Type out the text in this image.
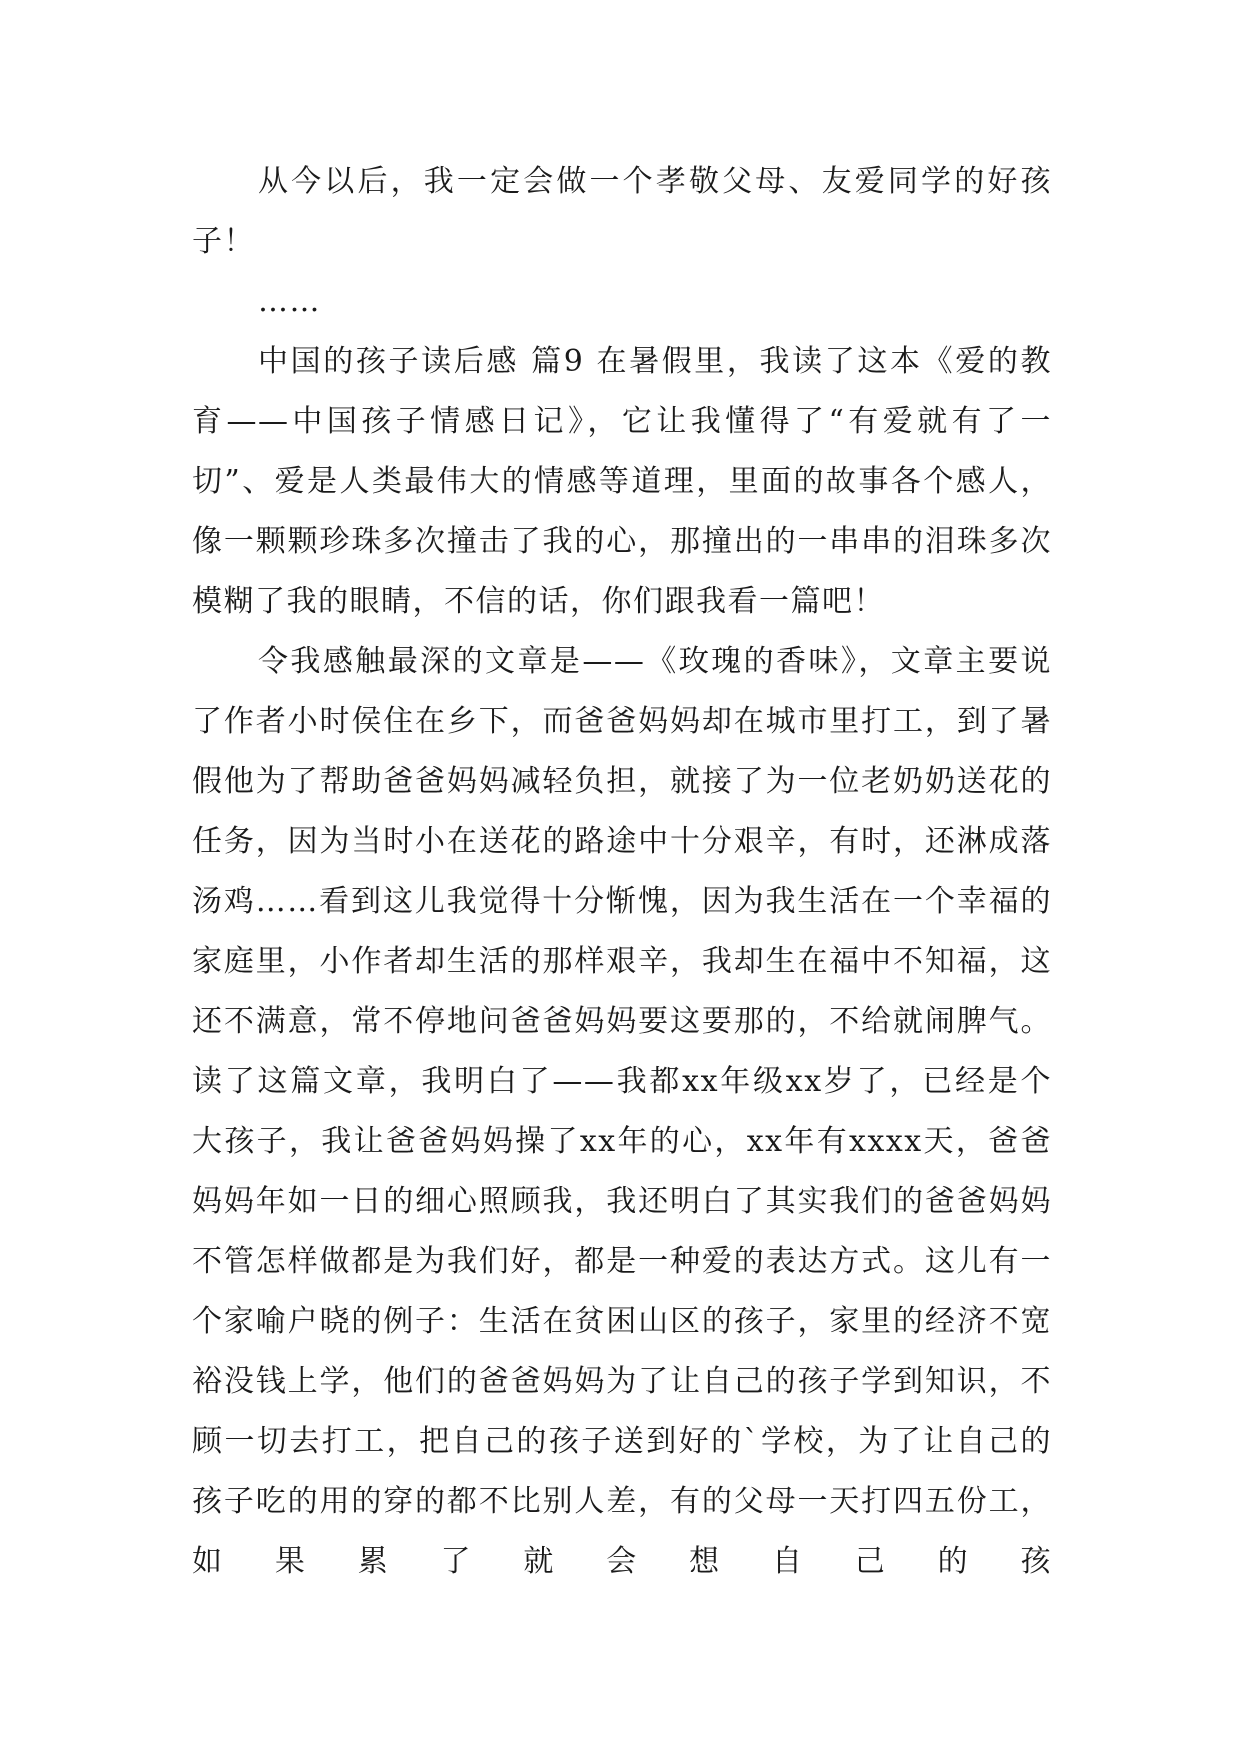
从今以后，我一定会做一个孝敬父母、友爱同学的好孩子！

……

中国的孩子读后感 篇9 在暑假里，我读了这本《爱的教育——中国孩子情感日记》，它让我懂得了“有爱就有了一切”、爱是人类最伟大的情感等道理，里面的故事各个感人，像一颗颗珍珠多次撞击了我的心，那撞出的一串串的泪珠多次模糊了我的眼睛，不信的话，你们跟我看一篇吧！

令我感触最深的文章是——《玫瑰的香味》，文章主要说了作者小时侯住在乡下，而爸爸妈妈却在城市里打工，到了暑假他为了帮助爸爸妈妈减轻负担，就接了为一位老奶奶送花的任务，因为当时小在送花的路途中十分艰辛，有时，还淋成落汤鸡……看到这儿我觉得十分惭愧，因为我生活在一个幸福的家庭里，小作者却生活的那样艰辛，我却生在福中不知福，这还不满意，常不停地问爸爸妈妈要这要那的，不给就闹脾气。读了这篇文章，我明白了——我都xx年级xx岁了，已经是个大孩子，我让爸爸妈妈操了xx年的心，xx年有xxxx天，爸爸妈妈年如一日的细心照顾我，我还明白了其实我们的爸爸妈妈不管怎样做都是为我们好，都是一种爱的表达方式。这儿有一个家喻户晓的例子：生活在贫困山区的孩子，家里的经济不宽裕没钱上学，他们的爸爸妈妈为了让自己的孩子学到知识，不顾一切去打工，把自己的孩子送到好的`学校，为了让自己的孩子吃的用的穿的都不比别人差，有的父母一天打四五份工，如果累了就会想自己的孩
